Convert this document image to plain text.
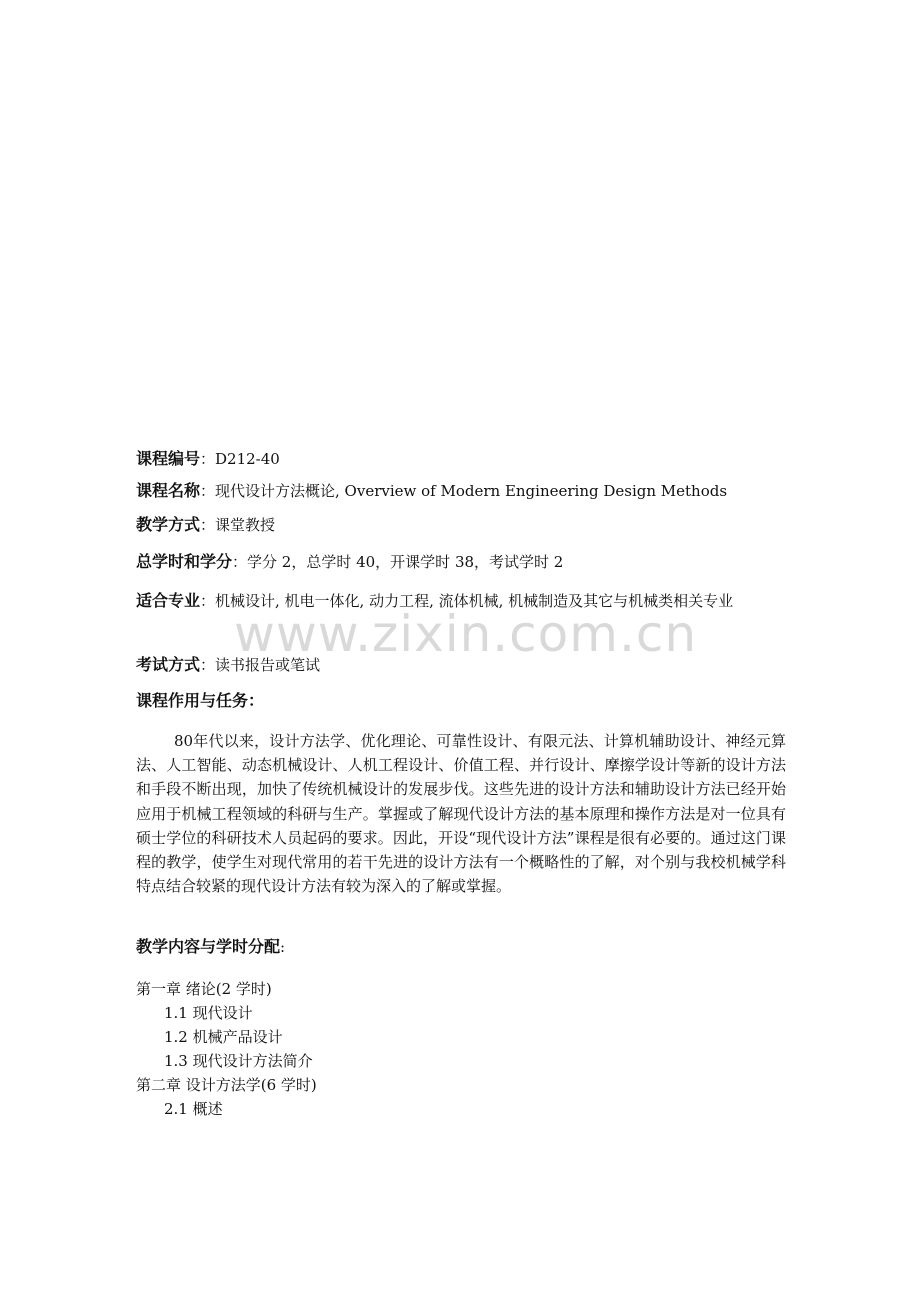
课程编号：D212-40

课程名称：现代设计方法概论, Overview of Modern Engineering Design Methods

教学方式：课堂教授

总学时和学分：学分 2，总学时 40，开课学时 38，考试学时 2

适合专业 ：机械设计, 机电一体化, 动力工程, 流体机械, 机械制造及其它与机械类相关专业

考试方式：读书报告或笔试

课程作用与任务：

80年代以来，设计方法学、优化理论、可靠性设计、有限元法、计算机辅助设计、神经元算法、人工智能、动态机械设计、人机工程设计、价值工程、并行设计、摩擦学设计等新的设计方法和手段不断出现，加快了传统机械设计的发展步伐。这些先进的设计方法和辅助设计方法已经开始应用于机械工程领域的科研与生产。掌握或了解现代设计方法的基本原理和操作方法是对一位具有硕士学位的科研技术人员起码的要求。因此，开设“现代设计方法”课程是很有必要的。通过这门课程的教学，使学生对现代常用的若干先进的设计方法有一个概略性的了解，对个别与我校机械学科特点结合较紧的现代设计方法有较为深入的了解或掌握。

教学内容与学时分配:

第一章 绪论(2 学时)
1.1 现代设计
1.2 机械产品设计
1.3 现代设计方法简介
第二章 设计方法学(6 学时)
2.1 概述
www.zixin.com.cn
